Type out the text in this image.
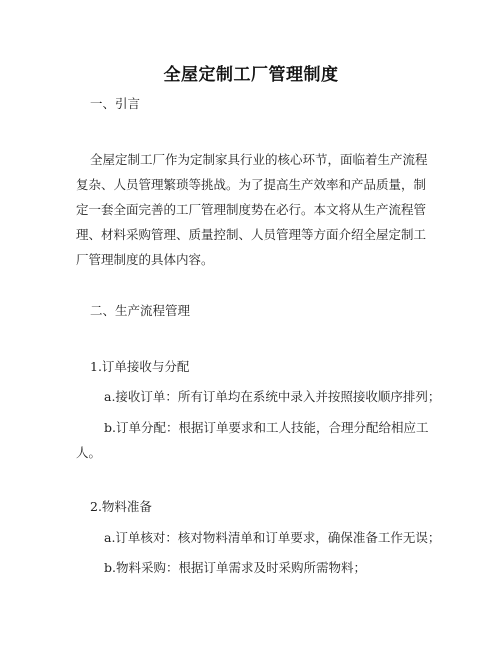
全屋定制工厂管理制度
一、引言
全屋定制工厂作为定制家具行业的核心环节，面临着生产流程
复杂、人员管理繁琐等挑战。为了提高生产效率和产品质量，制
定一套全面完善的工厂管理制度势在必行。本文将从生产流程管
理、材料采购管理、质量控制、人员管理等方面介绍全屋定制工
厂管理制度的具体内容。
二、生产流程管理
1.订单接收与分配
a.接收订单：所有订单均在系统中录入并按照接收顺序排列；
b.订单分配：根据订单要求和工人技能，合理分配给相应工
人。
2.物料准备
a.订单核对：核对物料清单和订单要求，确保准备工作无误；
b.物料采购：根据订单需求及时采购所需物料；
